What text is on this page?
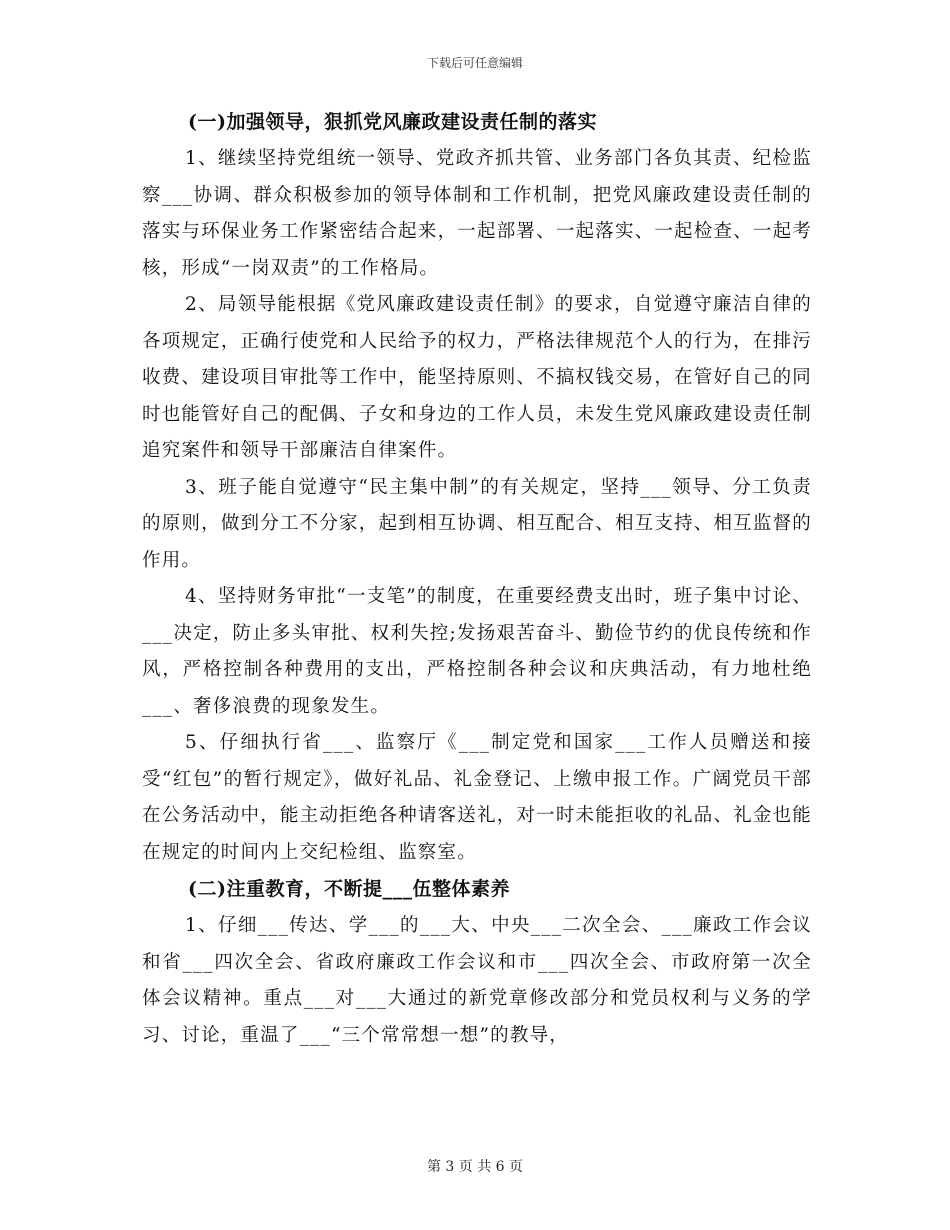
下载后可任意编辑

(一)加强领导，狠抓党风廉政建设责任制的落实

1、继续坚持党组统一领导、党政齐抓共管、业务部门各负其责、纪检监察___协调、群众积极参加的领导体制和工作机制，把党风廉政建设责任制的落实与环保业务工作紧密结合起来，一起部署、一起落实、一起检查、一起考核，形成“一岗双责”的工作格局。

2、局领导能根据《党风廉政建设责任制》的要求，自觉遵守廉洁自律的各项规定，正确行使党和人民给予的权力，严格法律规范个人的行为，在排污收费、建设项目审批等工作中，能坚持原则、不搞权钱交易，在管好自己的同时也能管好自己的配偶、子女和身边的工作人员，未发生党风廉政建设责任制追究案件和领导干部廉洁自律案件。

3、班子能自觉遵守“民主集中制”的有关规定，坚持___领导、分工负责的原则，做到分工不分家，起到相互协调、相互配合、相互支持、相互监督的作用。

4、坚持财务审批“一支笔”的制度，在重要经费支出时，班子集中讨论、___决定，防止多头审批、权利失控;发扬艰苦奋斗、勤俭节约的优良传统和作风，严格控制各种费用的支出，严格控制各种会议和庆典活动，有力地杜绝___、奢侈浪费的现象发生。

5、仔细执行省___、监察厅《___制定党和国家___工作人员赠送和接受“红包”的暂行规定》，做好礼品、礼金登记、上缴申报工作。广阔党员干部在公务活动中，能主动拒绝各种请客送礼，对一时未能拒收的礼品、礼金也能在规定的时间内上交纪检组、监察室。

(二)注重教育，不断提___伍整体素养

1、仔细___传达、学___的___大、中央___二次全会、___廉政工作会议和省___四次全会、省政府廉政工作会议和市___四次全会、市政府第一次全体会议精神。重点___对___大通过的新党章修改部分和党员权利与义务的学习、讨论，重温了___“三个常常想一想”的教导，

第 3 页 共 6 页
